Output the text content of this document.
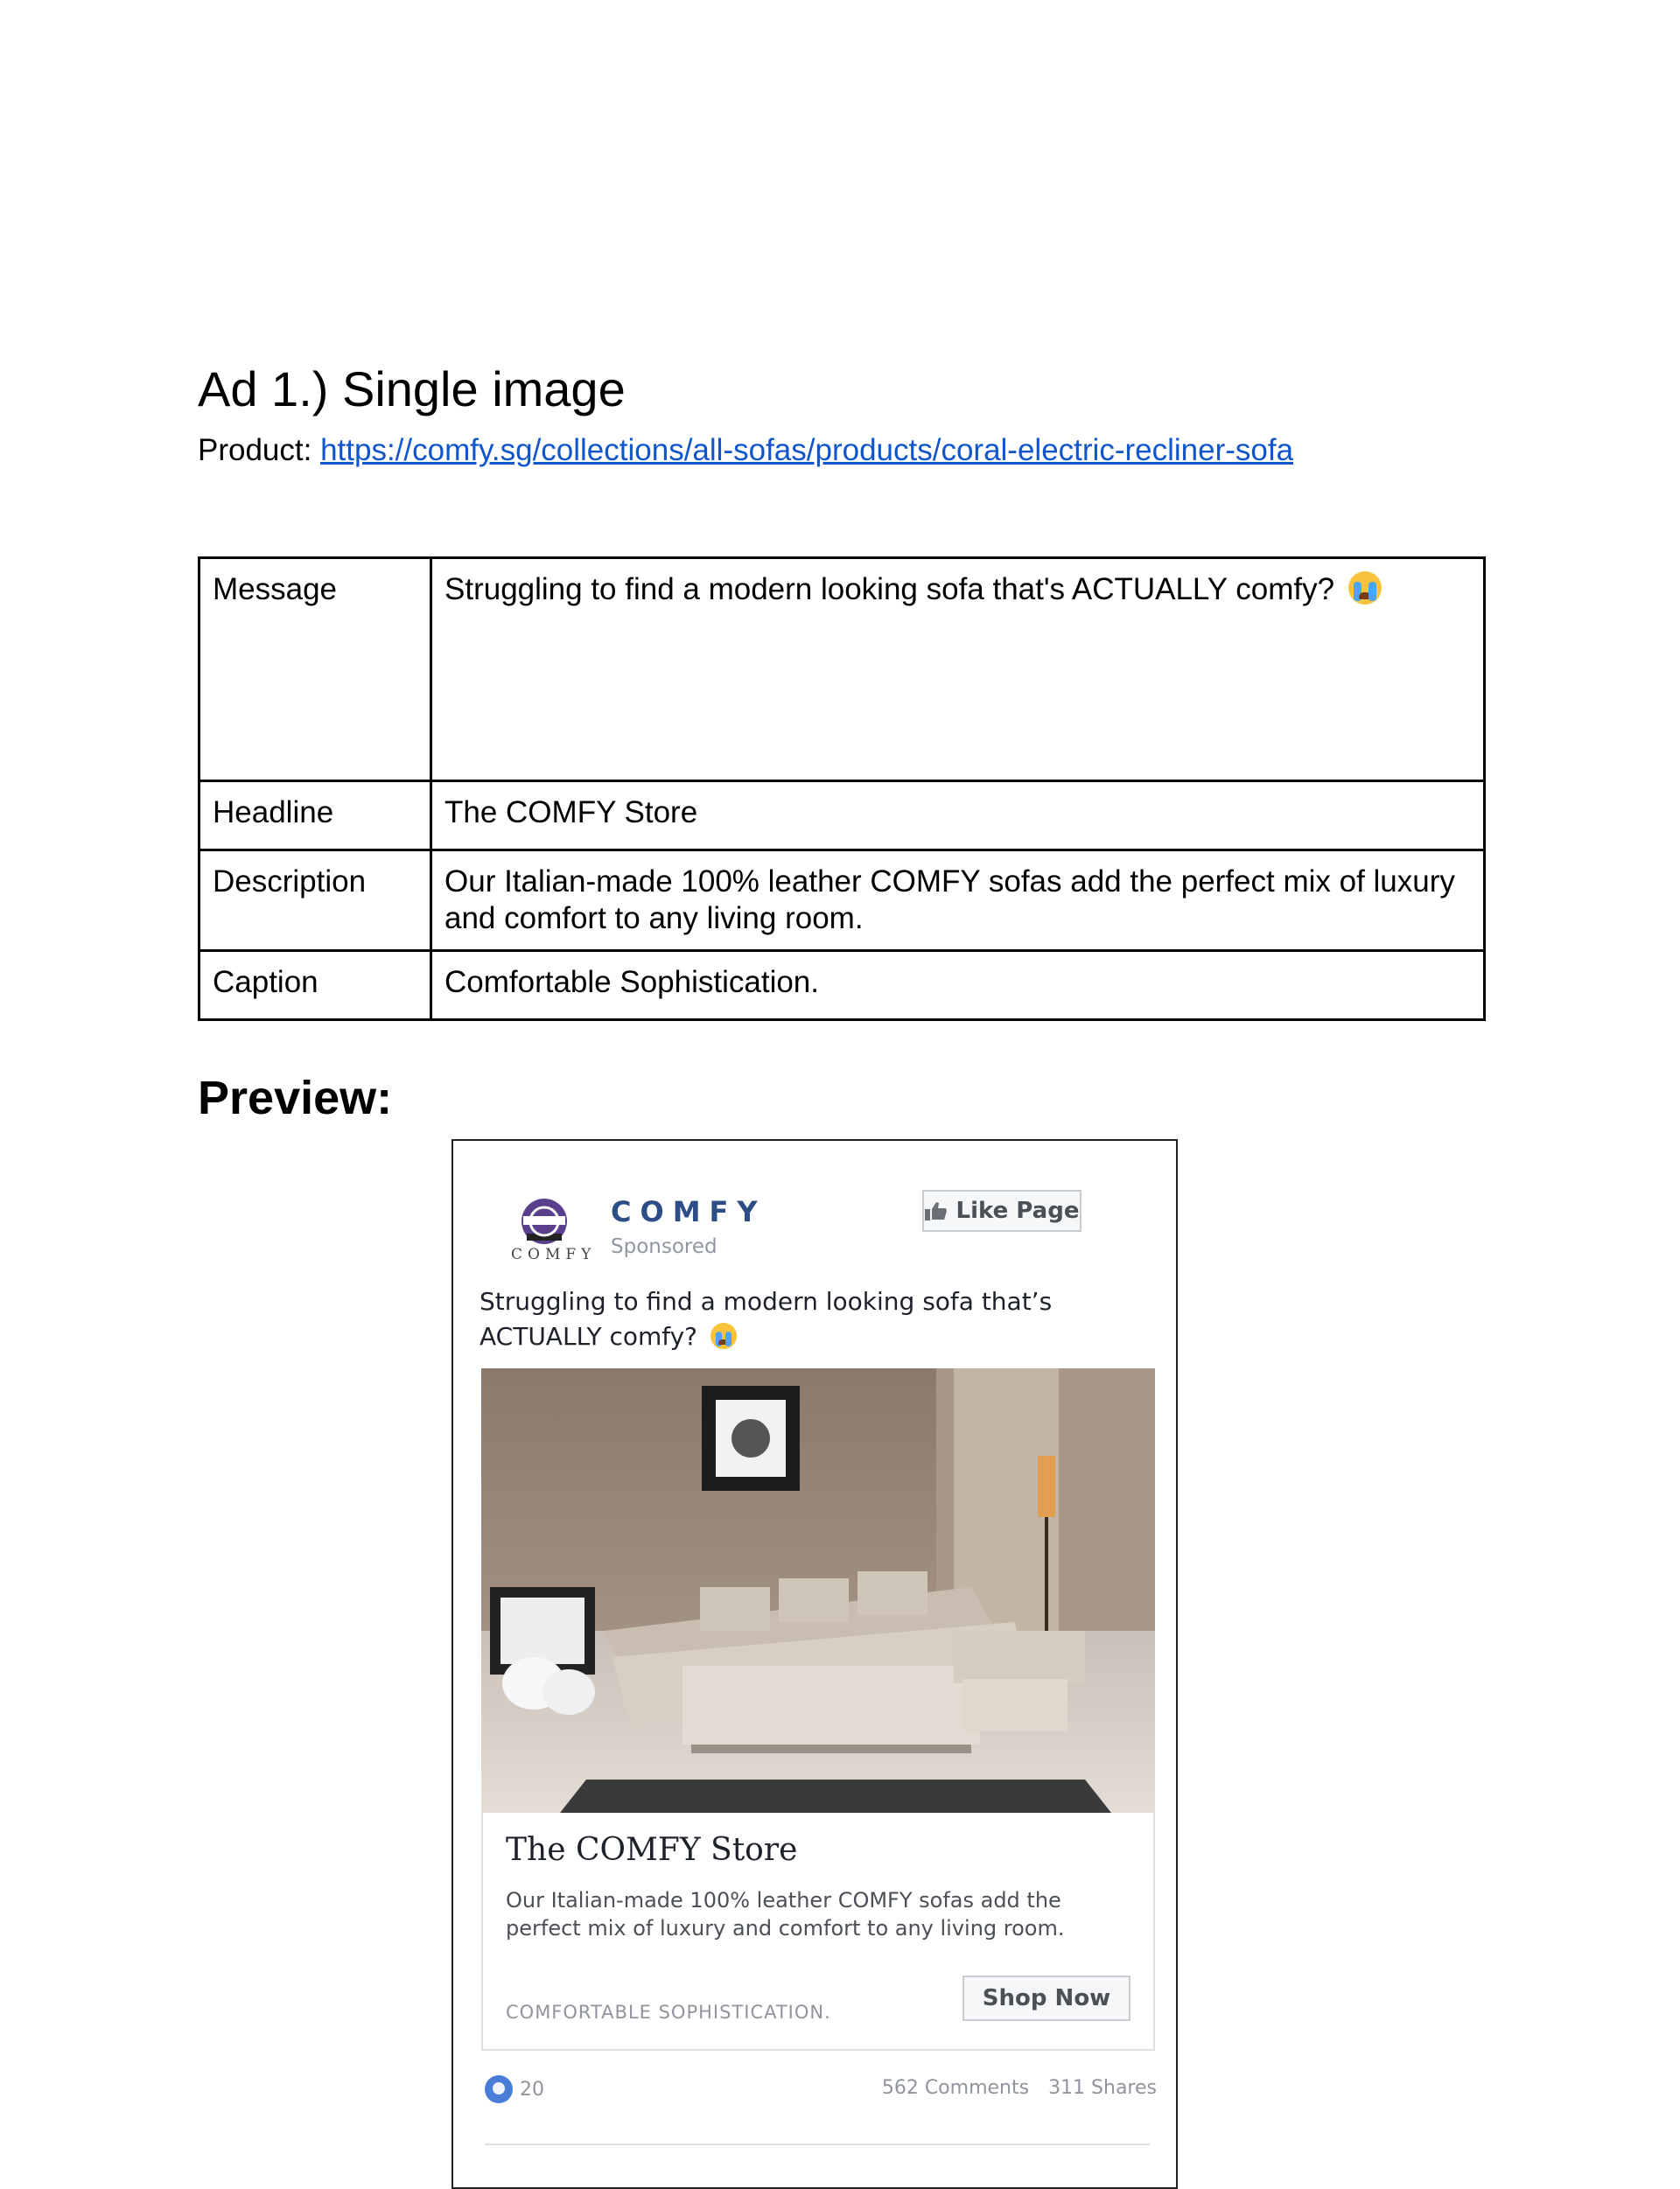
Ad 1.) Single image
Product: https://comfy.sg/collections/all-sofas/products/coral-electric-recliner-sofa
Message	Struggling to find a modern looking sofa that's ACTUALLY comfy?

Headline	The COMFY Store
Description	Our Italian-made 100% leather COMFY sofas add the perfect mix of luxury and comfort to any living room.
Caption	Comfortable Sophistication.
Preview:
COMFY
COMFY
Sponsored
Like Page
Struggling to find a modern looking sofa that’s ACTUALLY comfy?
The COMFY Store
Our Italian-made 100% leather COMFY sofas add the perfect mix of luxury and comfort to any living room.
COMFORTABLE SOPHISTICATION.
Shop Now
20	562 Comments 311 Shares
